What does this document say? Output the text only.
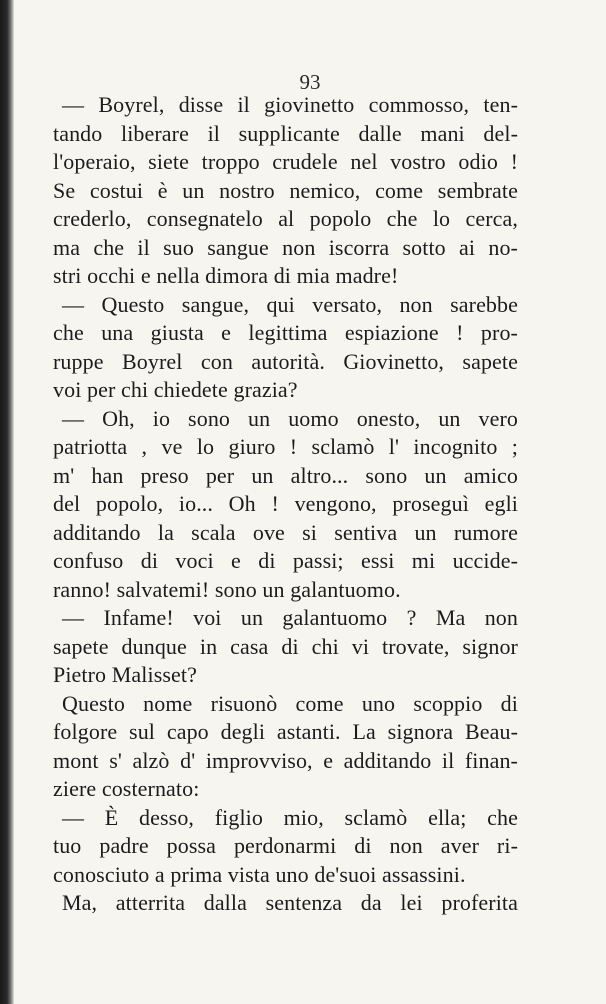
93
— Boyrel, disse il giovinetto commosso, ten-
tando liberare il supplicante dalle mani del-
l'operaio, siete troppo crudele nel vostro odio !
Se costui è un nostro nemico, come sembrate
crederlo, consegnatelo al popolo che lo cerca,
ma che il suo sangue non iscorra sotto ai no-
stri occhi e nella dimora di mia madre!
— Questo sangue, qui versato, non sarebbe
che una giusta e legittima espiazione ! pro-
ruppe Boyrel con autorità. Giovinetto, sapete
voi per chi chiedete grazia?
— Oh, io sono un uomo onesto, un vero
patriotta , ve lo giuro ! sclamò l' incognito ;
m' han preso per un altro... sono un amico
del popolo, io... Oh ! vengono, proseguì egli
additando la scala ove si sentiva un rumore
confuso di voci e di passi; essi mi uccide-
ranno! salvatemi! sono un galantuomo.
— Infame! voi un galantuomo ? Ma non
sapete dunque in casa di chi vi trovate, signor
Pietro Malisset?
Questo nome risuonò come uno scoppio di
folgore sul capo degli astanti. La signora Beau-
mont s' alzò d' improvviso, e additando il finan-
ziere costernato:
— È desso, figlio mio, sclamò ella; che
tuo padre possa perdonarmi di non aver ri-
conosciuto a prima vista uno de'suoi assassini.
Ma, atterrita dalla sentenza da lei proferita
